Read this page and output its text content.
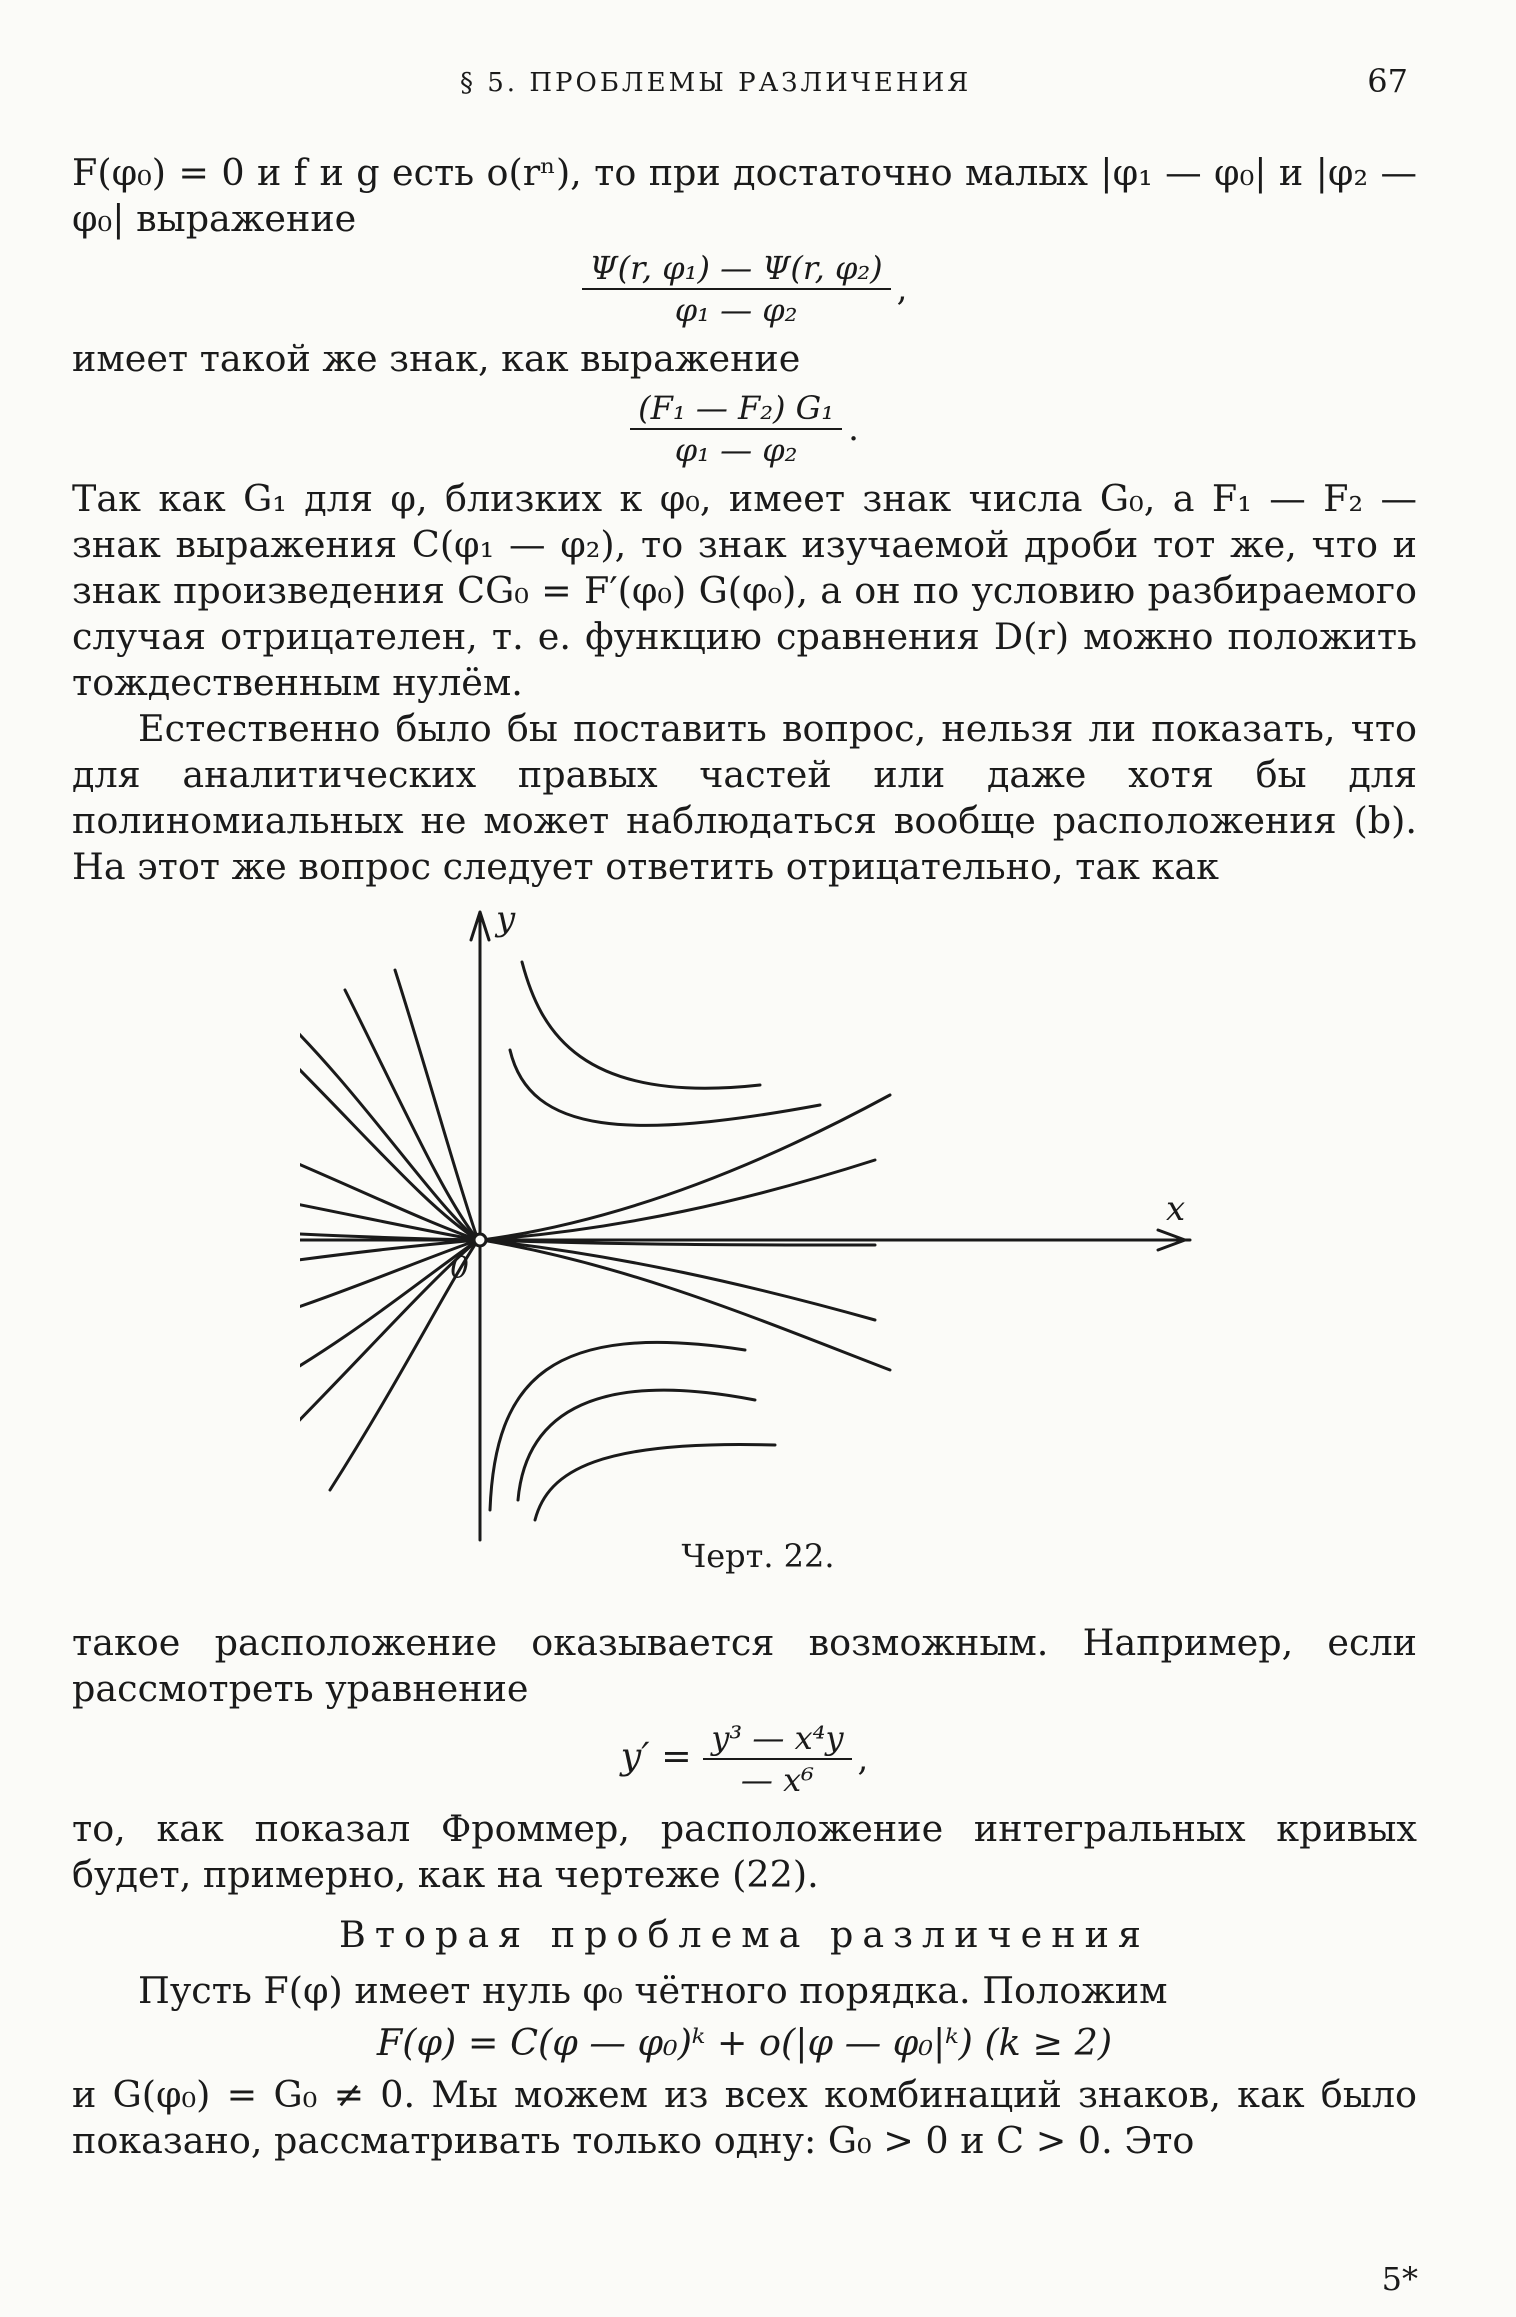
§ 5. ПРОБЛЕМЫ РАЗЛИЧЕНИЯ	67

F(φ₀) = 0 и f и g есть o(rⁿ), то при достаточно малых |φ₁ — φ₀| и |φ₂ — φ₀| выражение

$\frac{\text{Ψ(r, φ₁) — Ψ(r, φ₂)}}{\text{φ₁ — φ₂}}$ ,

имеет такой же знак, как выражение

$\frac{\text{(F₁ — F₂) G₁}}{\text{φ₁ — φ₂}}$ .

Так как G₁ для φ, близких к φ₀, имеет знак числа G₀, а F₁ — F₂ — знак выражения C(φ₁ — φ₂), то знак изучаемой дроби тот же, что и знак произведения CG₀ = F′(φ₀) G(φ₀), а он по условию разбираемого случая отрицателен, т. е. функцию сравнения D(r) можно положить тождественным нулём.

Естественно было бы поставить вопрос, нельзя ли показать, что для аналитических правых частей или даже хотя бы для полиномиальных не может наблюдаться вообще расположения (b). На этот же вопрос следует ответить отрицательно, так как

y
x
0
Черт. 22.

такое расположение оказывается возможным. Например, если рассмотреть уравнение

$y' = \frac{\text{y³ — x⁴y}}{\text{— x⁶}}$ ,

то, как показал Фроммер, расположение интегральных кривых будет, примерно, как на чертеже (22).

Вторая проблема различения

Пусть F(φ) имеет нуль φ₀ чётного порядка. Положим

F(φ) = C(φ — φ₀)ᵏ + o(|φ — φ₀|ᵏ) (k ≥ 2)

и G(φ₀) = G₀ ≠ 0. Мы можем из всех комбинаций знаков, как было показано, рассматривать только одну: G₀ > 0 и C > 0. Это

5*
